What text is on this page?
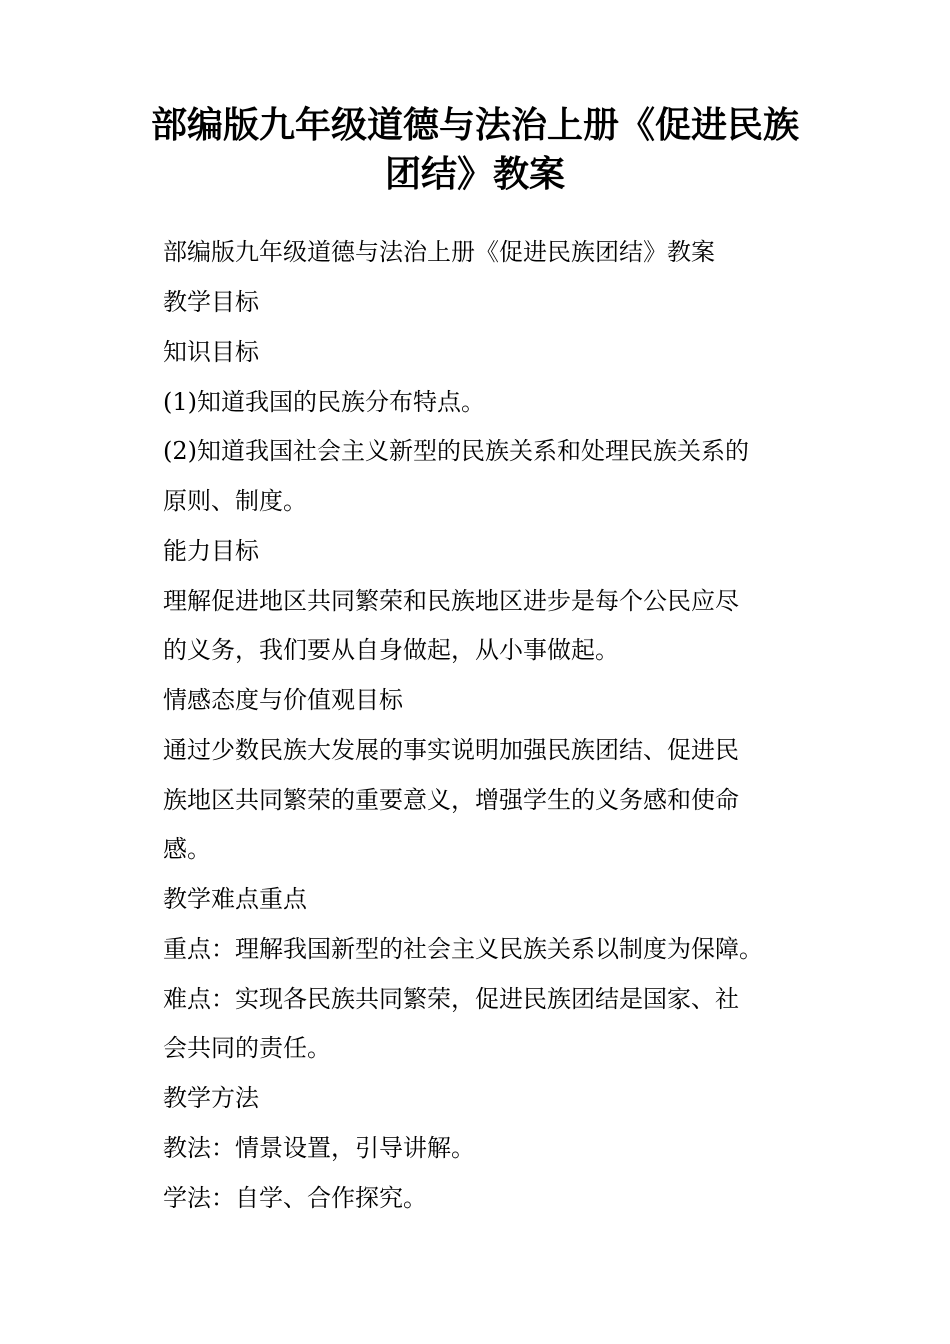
部编版九年级道德与法治上册《促进民族
团结》教案
部编版九年级道德与法治上册《促进民族团结》教案
教学目标
知识目标
(1)知道我国的民族分布特点。
(2)知道我国社会主义新型的民族关系和处理民族关系的
原则、制度。
能力目标
理解促进地区共同繁荣和民族地区进步是每个公民应尽
的义务，我们要从自身做起，从小事做起。
情感态度与价值观目标
通过少数民族大发展的事实说明加强民族团结、促进民
族地区共同繁荣的重要意义，增强学生的义务感和使命
感。
教学难点重点
重点：理解我国新型的社会主义民族关系以制度为保障。
难点：实现各民族共同繁荣，促进民族团结是国家、社
会共同的责任。
教学方法
教法：情景设置，引导讲解。
学法：自学、合作探究。
